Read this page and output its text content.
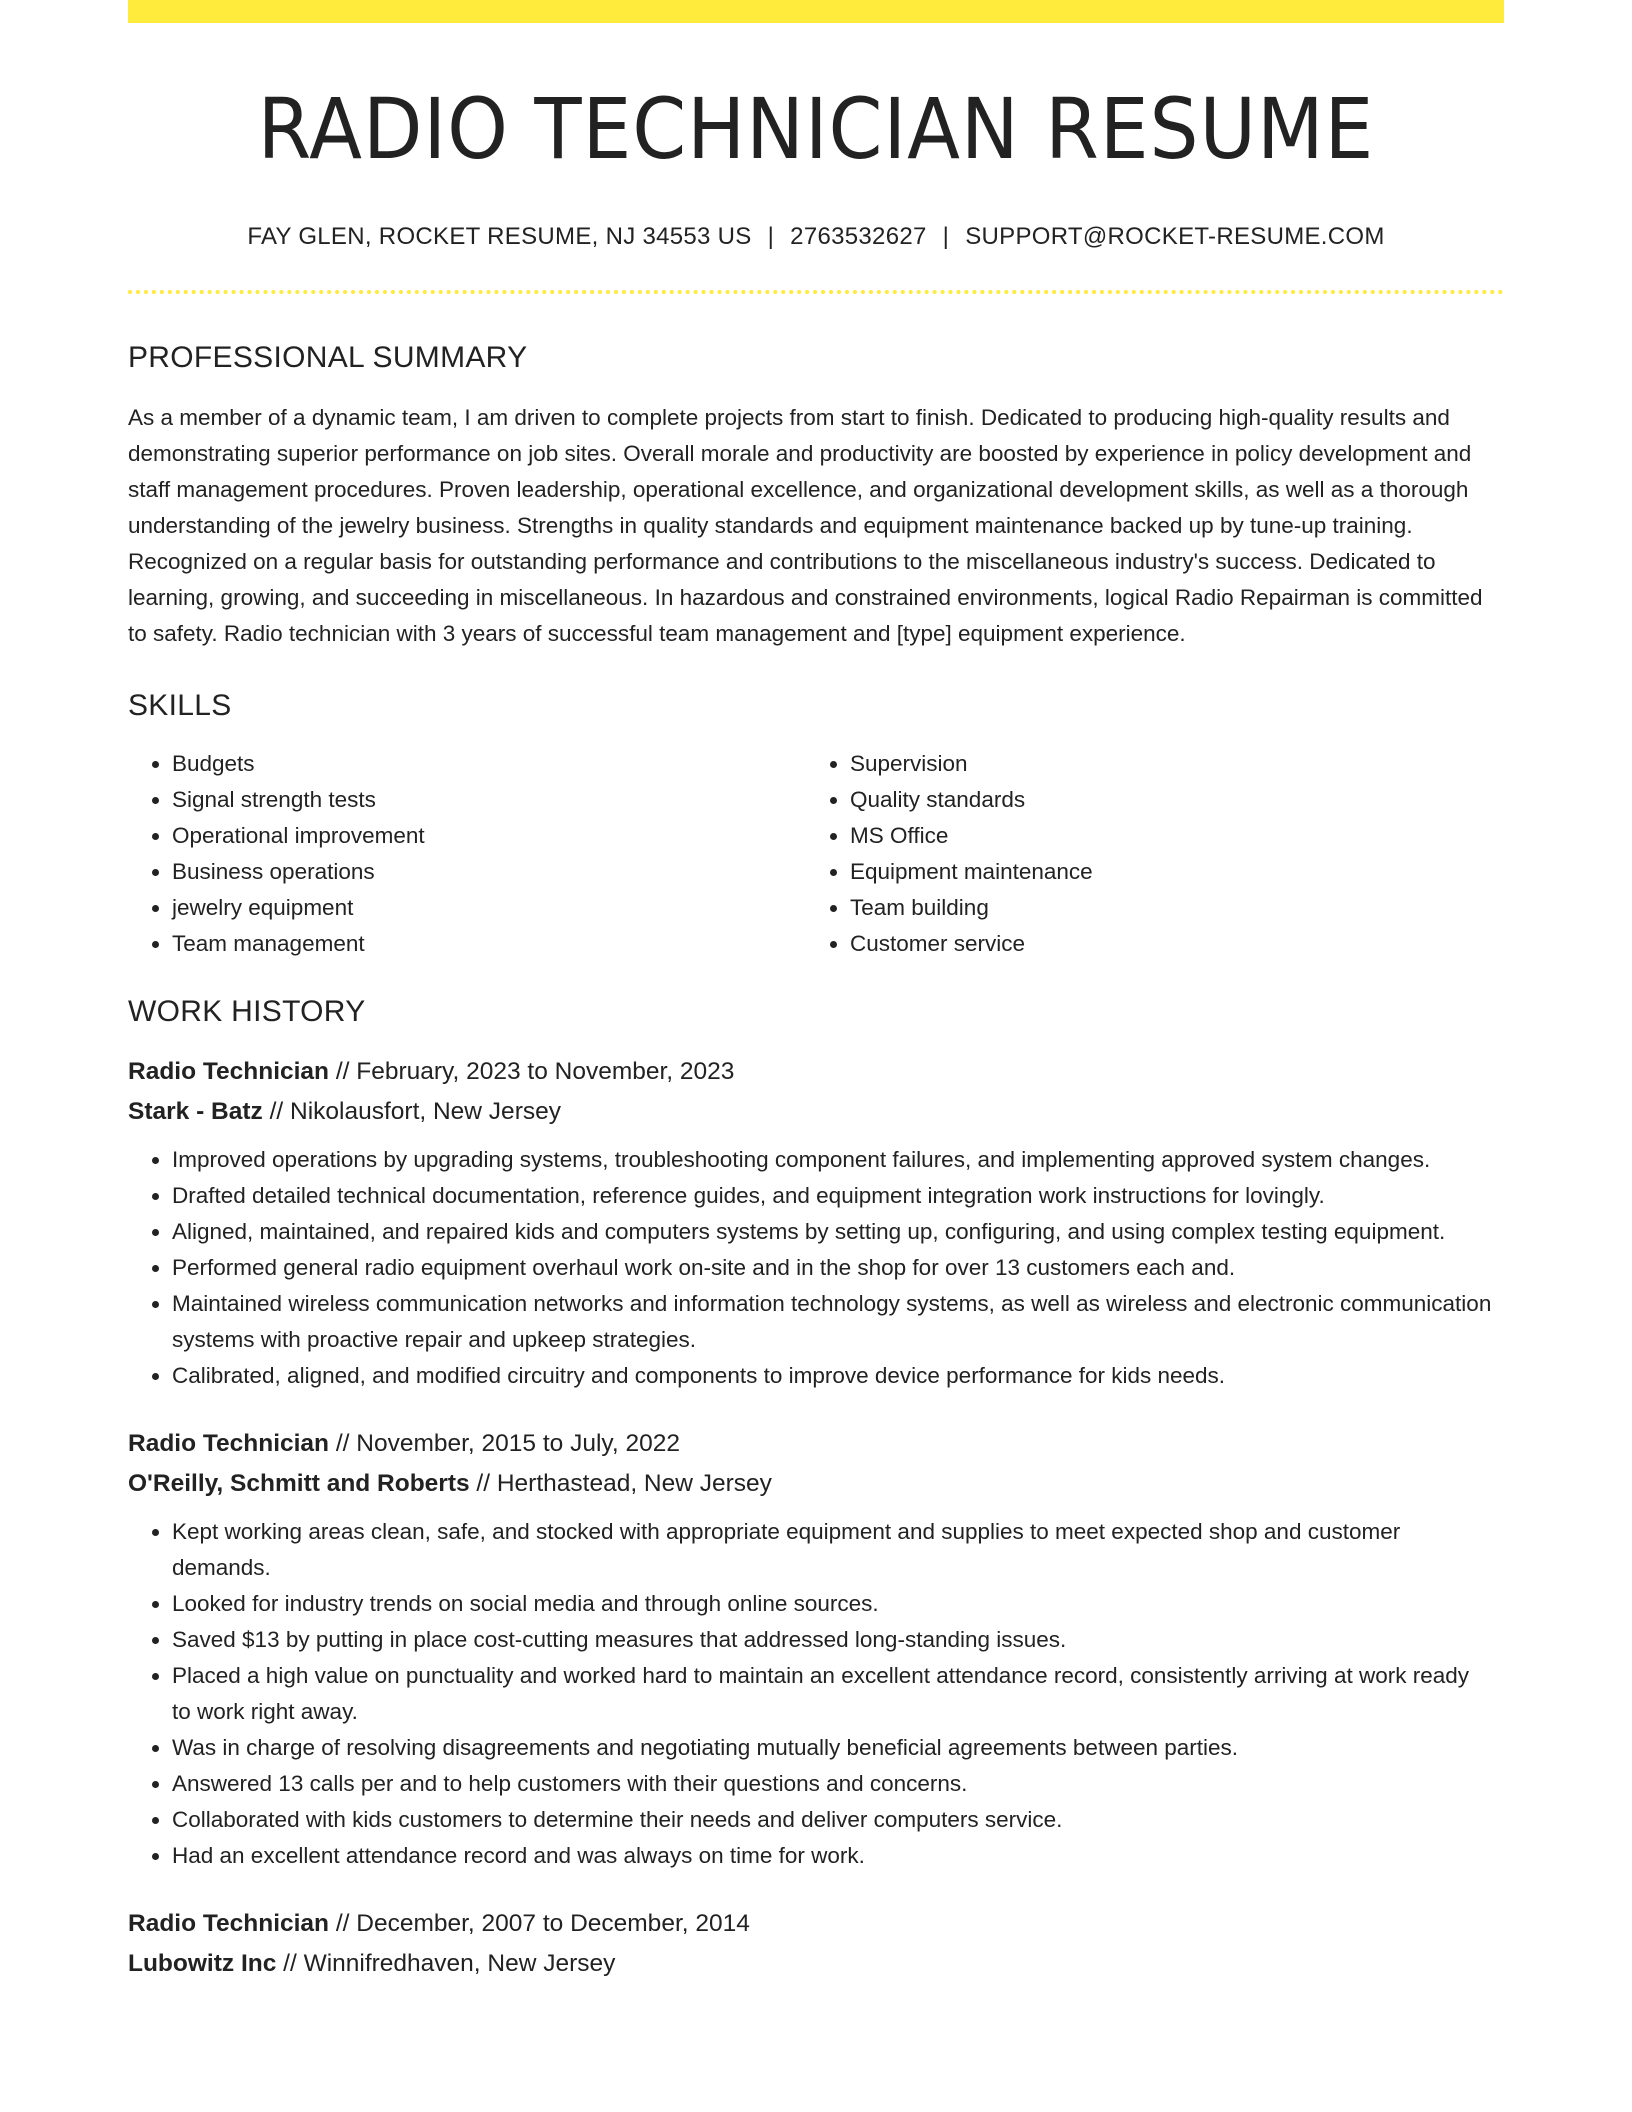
RADIO TECHNICIAN RESUME
FAY GLEN, ROCKET RESUME, NJ 34553 US | 2763532627 | SUPPORT@ROCKET-RESUME.COM
PROFESSIONAL SUMMARY
As a member of a dynamic team, I am driven to complete projects from start to finish. Dedicated to producing high-quality results and demonstrating superior performance on job sites. Overall morale and productivity are boosted by experience in policy development and staff management procedures. Proven leadership, operational excellence, and organizational development skills, as well as a thorough understanding of the jewelry business. Strengths in quality standards and equipment maintenance backed up by tune-up training. Recognized on a regular basis for outstanding performance and contributions to the miscellaneous industry's success. Dedicated to learning, growing, and succeeding in miscellaneous. In hazardous and constrained environments, logical Radio Repairman is committed to safety. Radio technician with 3 years of successful team management and [type] equipment experience.
SKILLS
• Budgets
• Signal strength tests
• Operational improvement
• Business operations
• jewelry equipment
• Team management
• Supervision
• Quality standards
• MS Office
• Equipment maintenance
• Team building
• Customer service
WORK HISTORY
Radio Technician // February, 2023 to November, 2023
Stark - Batz // Nikolausfort, New Jersey
• Improved operations by upgrading systems, troubleshooting component failures, and implementing approved system changes.
• Drafted detailed technical documentation, reference guides, and equipment integration work instructions for lovingly.
• Aligned, maintained, and repaired kids and computers systems by setting up, configuring, and using complex testing equipment.
• Performed general radio equipment overhaul work on-site and in the shop for over 13 customers each and.
• Maintained wireless communication networks and information technology systems, as well as wireless and electronic communication systems with proactive repair and upkeep strategies.
• Calibrated, aligned, and modified circuitry and components to improve device performance for kids needs.
Radio Technician // November, 2015 to July, 2022
O'Reilly, Schmitt and Roberts // Herthastead, New Jersey
• Kept working areas clean, safe, and stocked with appropriate equipment and supplies to meet expected shop and customer demands.
• Looked for industry trends on social media and through online sources.
• Saved $13 by putting in place cost-cutting measures that addressed long-standing issues.
• Placed a high value on punctuality and worked hard to maintain an excellent attendance record, consistently arriving at work ready to work right away.
• Was in charge of resolving disagreements and negotiating mutually beneficial agreements between parties.
• Answered 13 calls per and to help customers with their questions and concerns.
• Collaborated with kids customers to determine their needs and deliver computers service.
• Had an excellent attendance record and was always on time for work.
Radio Technician // December, 2007 to December, 2014
Lubowitz Inc // Winnifredhaven, New Jersey
